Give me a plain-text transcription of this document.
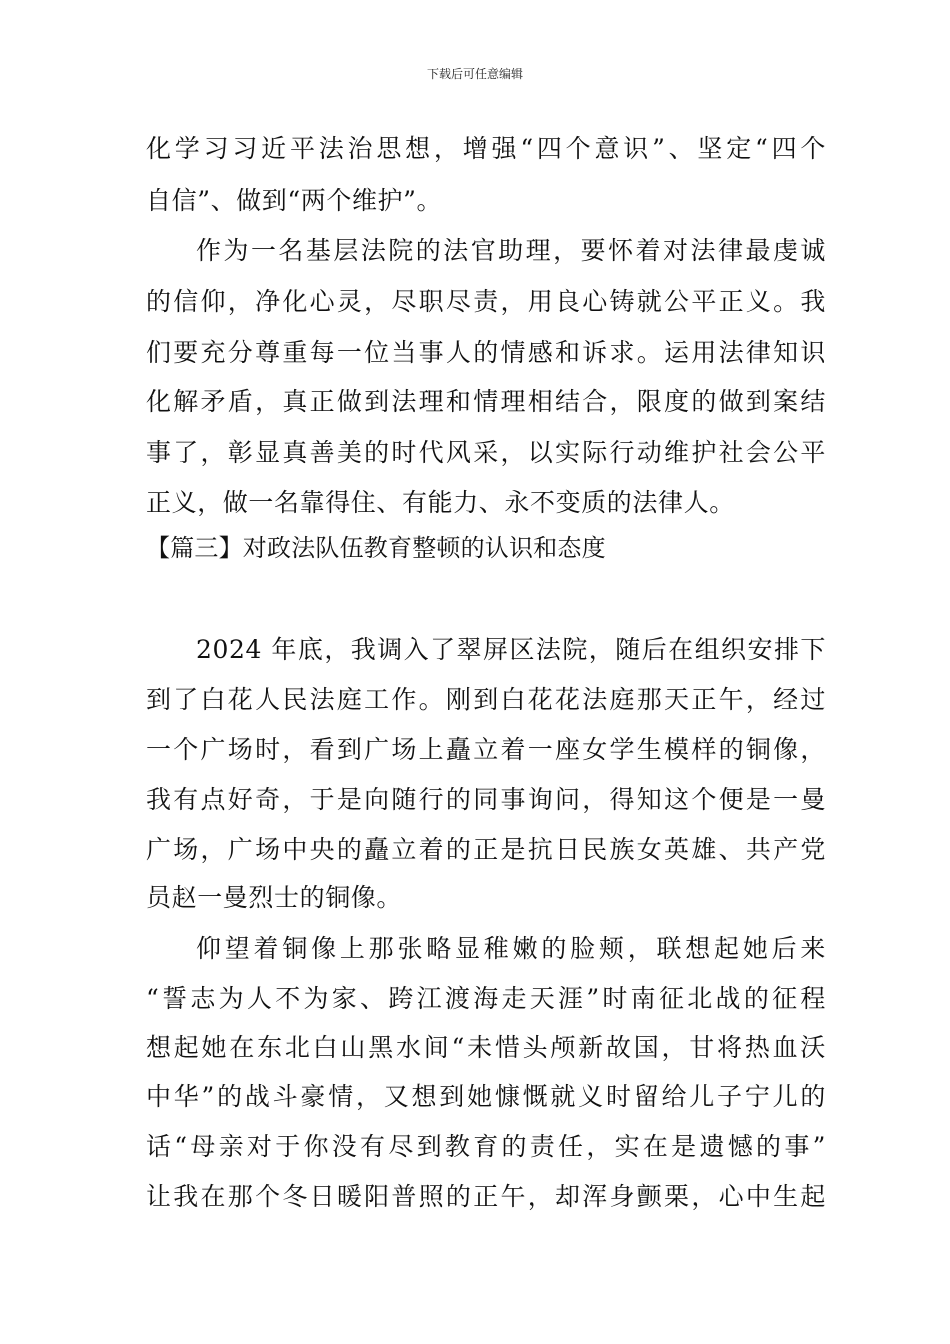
下载后可任意编辑
化学习习近平法治思想，增强“四个意识”、坚定“四个
自信”、做到“两个维护”。
作为一名基层法院的法官助理，要怀着对法律最虔诚
的信仰，净化心灵，尽职尽责，用良心铸就公平正义。我
们要充分尊重每一位当事人的情感和诉求。运用法律知识
化解矛盾，真正做到法理和情理相结合，限度的做到案结
事了，彰显真善美的时代风采，以实际行动维护社会公平
正义，做一名靠得住、有能力、永不变质的法律人。
【篇三】对政法队伍教育整顿的认识和态度
2024 年底，我调入了翠屏区法院，随后在组织安排下
到了白花人民法庭工作。刚到白花花法庭那天正午，经过
一个广场时，看到广场上矗立着一座女学生模样的铜像，
我有点好奇，于是向随行的同事询问，得知这个便是一曼
广场，广场中央的矗立着的正是抗日民族女英雄、共产党
员赵一曼烈士的铜像。
仰望着铜像上那张略显稚嫩的脸颊，联想起她后来
“誓志为人不为家、跨江渡海走天涯”时南征北战的征程
想起她在东北白山黑水间“未惜头颅新故国，甘将热血沃
中华”的战斗豪情，又想到她慷慨就义时留给儿子宁儿的
话“母亲对于你没有尽到教育的责任，实在是遗憾的事”
让我在那个冬日暖阳普照的正午，却浑身颤栗，心中生起
